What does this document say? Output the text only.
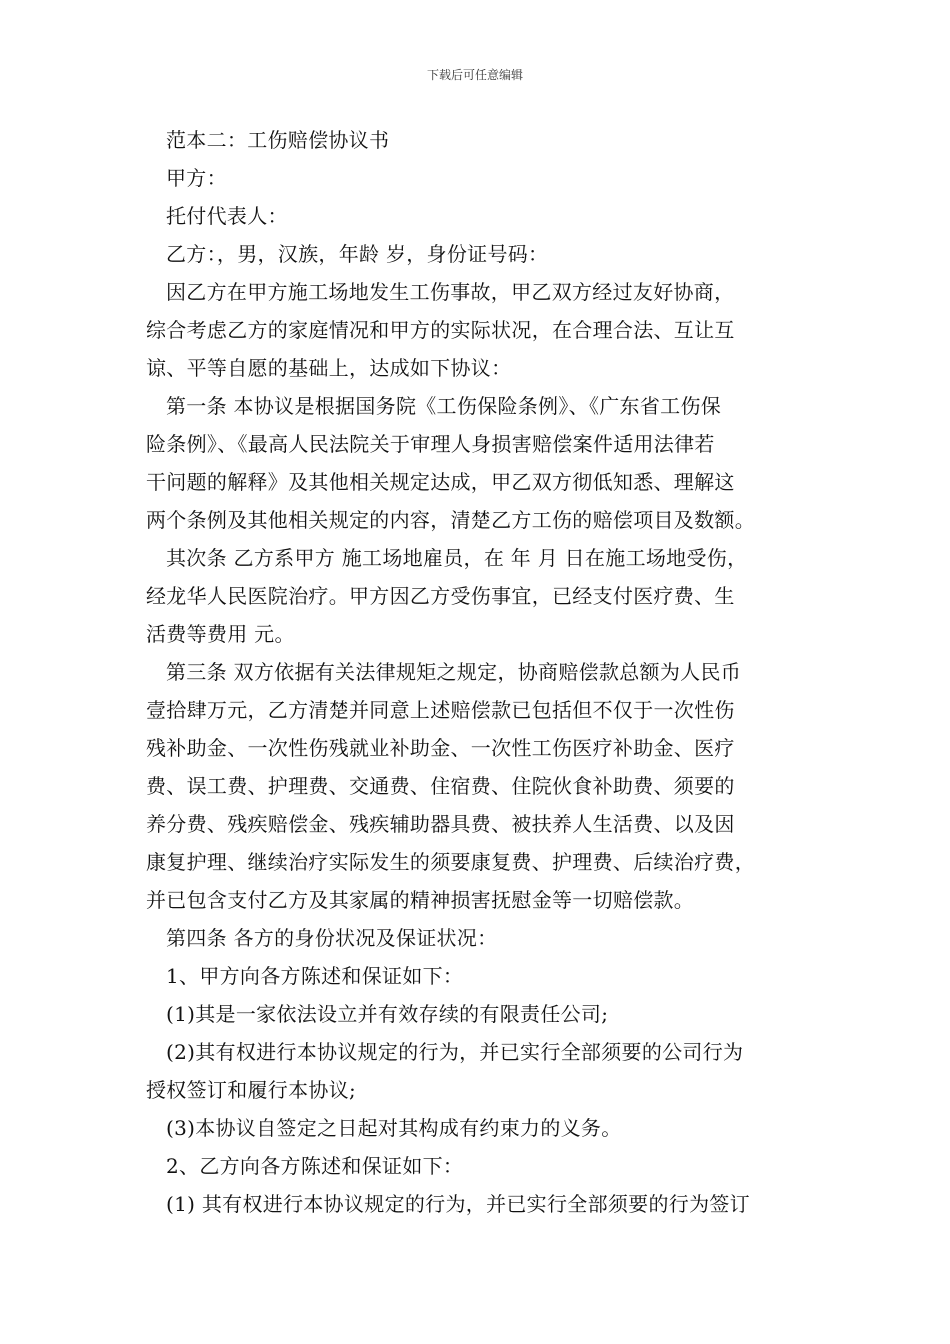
下载后可任意编辑
范本二：工伤赔偿协议书
甲方：
托付代表人：
乙方：，男，汉族，年龄 岁，身份证号码：
因乙方在甲方施工场地发生工伤事故，甲乙双方经过友好协商，
综合考虑乙方的家庭情况和甲方的实际状况，在合理合法、互让互
谅、平等自愿的基础上，达成如下协议：
第一条 本协议是根据国务院《工伤保险条例》、《广东省工伤保
险条例》、《最高人民法院关于审理人身损害赔偿案件适用法律若
干问题的解释》及其他相关规定达成，甲乙双方彻低知悉、理解这
两个条例及其他相关规定的内容，清楚乙方工伤的赔偿项目及数额。
其次条 乙方系甲方 施工场地雇员，在 年 月 日在施工场地受伤，
经龙华人民医院治疗。甲方因乙方受伤事宜，已经支付医疗费、生
活费等费用 元。
第三条 双方依据有关法律规矩之规定，协商赔偿款总额为人民币
壹拾肆万元，乙方清楚并同意上述赔偿款已包括但不仅于一次性伤
残补助金、一次性伤残就业补助金、一次性工伤医疗补助金、医疗
费、误工费、护理费、交通费、住宿费、住院伙食补助费、须要的
养分费、残疾赔偿金、残疾辅助器具费、被扶养人生活费、以及因
康复护理、继续治疗实际发生的须要康复费、护理费、后续治疗费，
并已包含支付乙方及其家属的精神损害抚慰金等一切赔偿款。
第四条 各方的身份状况及保证状况：
1、甲方向各方陈述和保证如下：
(1)其是一家依法设立并有效存续的有限责任公司;
(2)其有权进行本协议规定的行为，并已实行全部须要的公司行为
授权签订和履行本协议;
(3)本协议自签定之日起对其构成有约束力的义务。
2、乙方向各方陈述和保证如下：
(1) 其有权进行本协议规定的行为，并已实行全部须要的行为签订
